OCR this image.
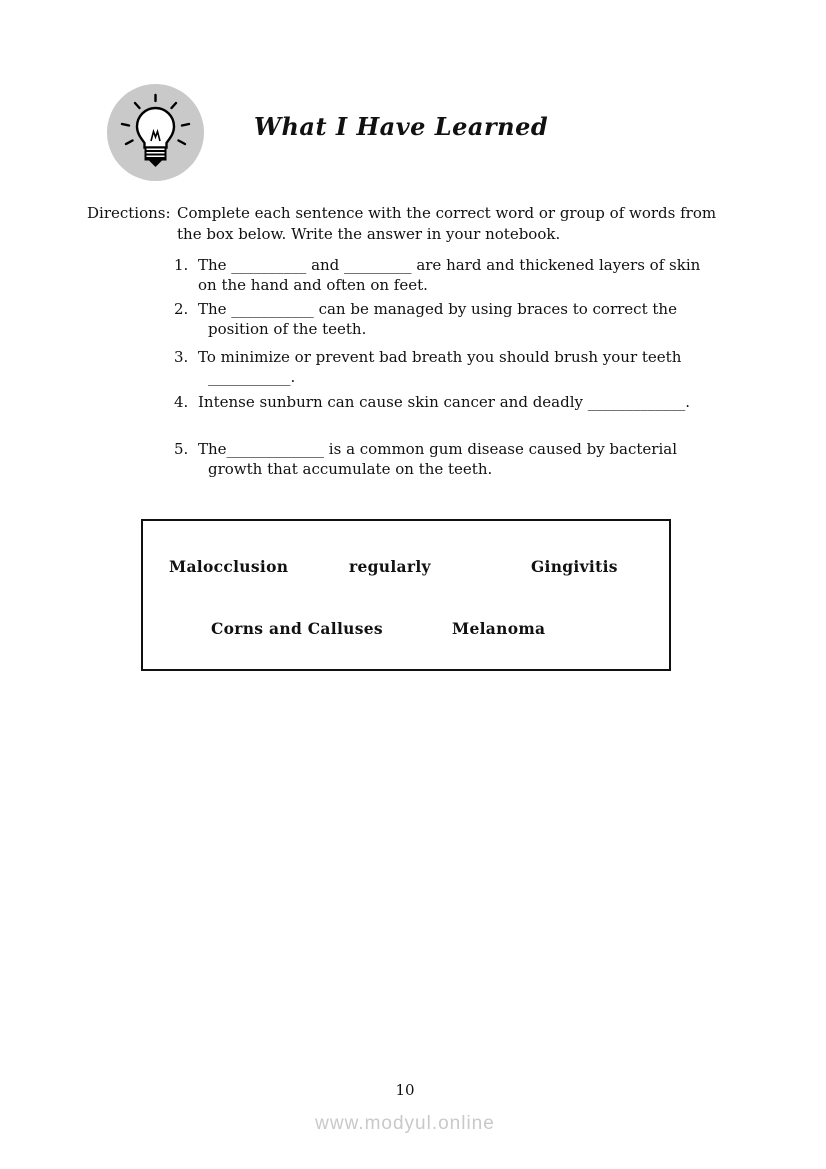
What I Have Learned
Directions: Complete each sentence with the correct word or group of words from
the box below. Write the answer in your notebook.
1. The __________ and _________ are hard and thickened layers of skin
on the hand and often on feet.
2. The ___________ can be managed by using braces to correct the
position of the teeth.
3. To minimize or prevent bad breath you should brush your teeth
___________.
4. Intense sunburn can cause skin cancer and deadly _____________.
5. The_____________ is a common gum disease caused by bacterial
growth that accumulate on the teeth.
Malocclusion	regularly	Gingivitis
Corns and Calluses	Melanoma
10
www.modyul.online
